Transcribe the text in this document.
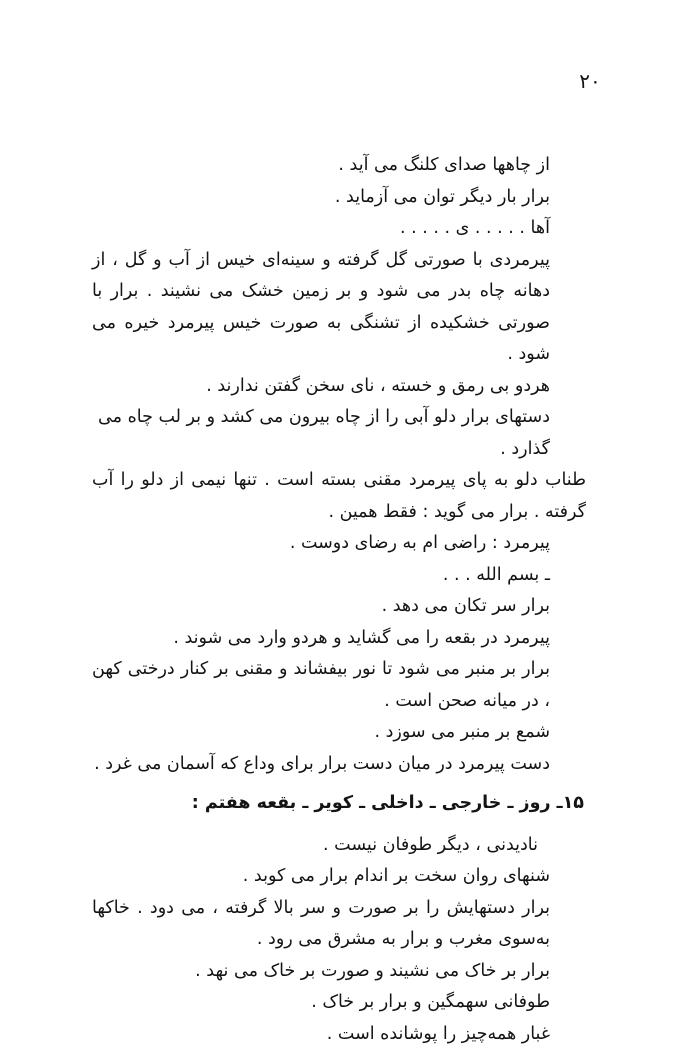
۲۰

از چاهها صدای کلنگ می آید .

برار بار دیگر توان می آزماید .

آها . . . . . ی . . . . .

پیرمردی با صورتی گل گرفته و سینه‌ای خیس از آب و گل ، از دهانه چاه بدر می شود و بر زمین خشک می نشیند . برار با صورتی خشکیده از تشنگی به صورت خیس پیرمرد خیره می شود .

هردو بی رمق و خسته ، نای سخن گفتن ندارند .

دستهای برار دلو آبی را از چاه بیرون می کشد و بر لب چاه می گذارد .

طناب دلو به پای پیرمرد مقنی بسته است . تنها نیمی از دلو را آب گرفته . برار می گوید : فقط همین .

پیرمرد : راضی ام به رضای دوست .

ـ بسم الله . . .

برار سر تکان می دهد .

پیرمرد در بقعه را می گشاید و هردو وارد می شوند .

برار بر منبر می شود تا نور بیفشاند و مقنی بر کنار درختی کهن ، در میانه صحن است .

شمع بر منبر می سوزد .

دست پیرمرد در میان دست برار برای وداع که آسمان می غرد .

۱۵ـ روز ـ خارجی ـ داخلی ـ کویر ـ بقعه هفتم :

نادیدنی ، دیگر طوفان نیست .

شنهای روان سخت بر اندام برار می کوبد .

برار دستهایش را بر صورت و سر بالا گرفته ، می دود . خاکها به‌سوی مغرب و برار به مشرق می رود .

برار بر خاک می نشیند و صورت بر خاک می نهد .

طوفانی سهمگین و برار بر خاک .

غبار همه‌چیز را پوشانده است .
